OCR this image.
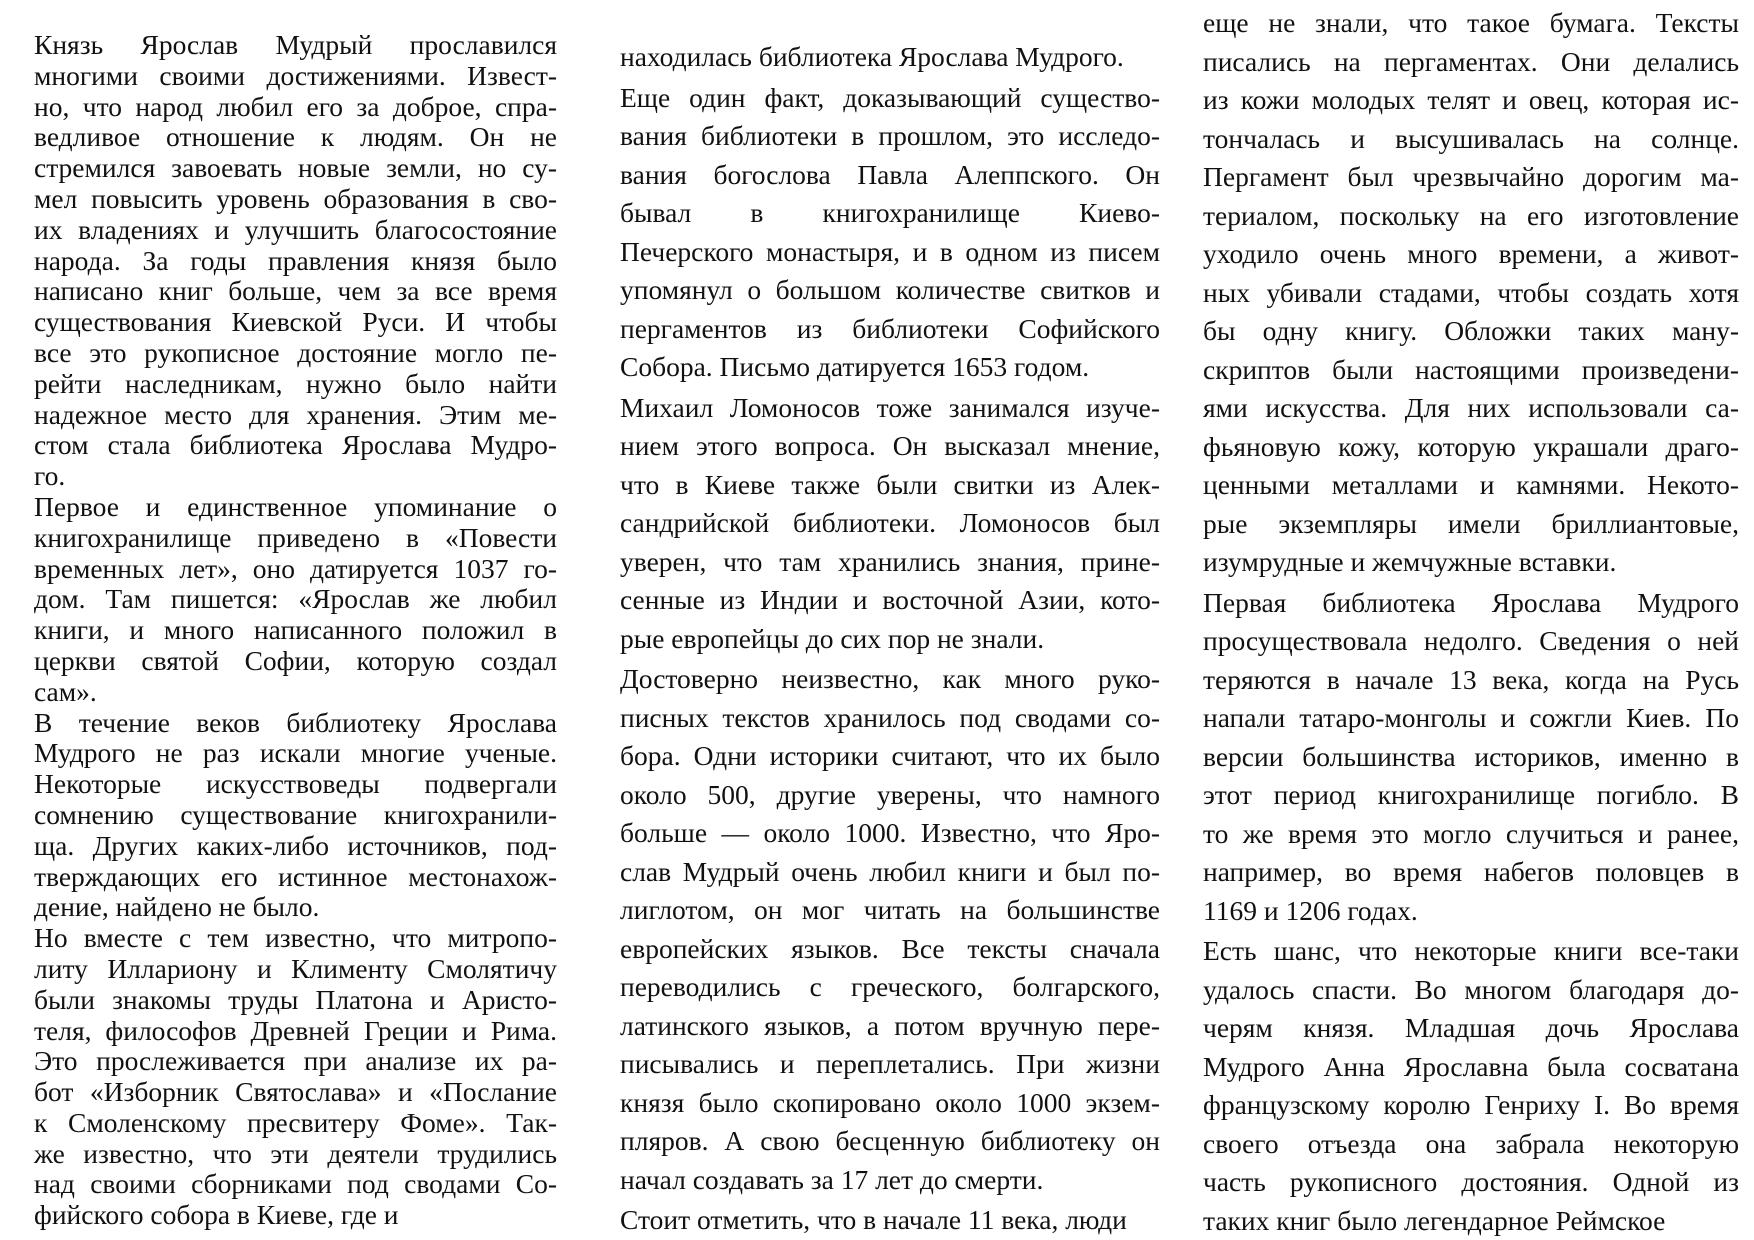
Князь Ярослав Мудрый прославился
многими своими достижениями. Извест-
но, что народ любил его за доброе, спра-
ведливое отношение к людям. Он не
стремился завоевать новые земли, но су-
мел повысить уровень образования в сво-
их владениях и улучшить благосостояние
народа. За годы правления князя было
написано книг больше, чем за все время
существования Киевской Руси. И чтобы
все это рукописное достояние могло пе-
рейти наследникам, нужно было найти
надежное место для хранения. Этим ме-
стом стала библиотека Ярослава Мудро-
го.

Первое и единственное упоминание о
книгохранилище приведено в «Повести
временных лет», оно датируется 1037 го-
дом. Там пишется: «Ярослав же любил
книги, и много написанного положил в
церкви святой Софии, которую создал
сам».

В течение веков библиотеку Ярослава
Мудрого не раз искали многие ученые.
Некоторые искусствоведы подвергали
сомнению существование книгохранили-
ща. Других каких-либо источников, под-
тверждающих его истинное местонахож-
дение, найдено не было.

Но вместе с тем известно, что митропо-
литу Иллариону и Клименту Смолятичу
были знакомы труды Платона и Аристо-
теля, философов Древней Греции и Рима.
Это прослеживается при анализе их ра-
бот «Изборник Святослава» и «Послание
к Смоленскому пресвитеру Фоме». Так-
же известно, что эти деятели трудились
над своими сборниками под сводами Со-
фийского собора в Киеве, где и

находилась библиотека Ярослава Мудрого.

Еще один факт, доказывающий существо-
вания библиотеки в прошлом, это исследо-
вания богослова Павла Алеппского. Он
бывал в книгохранилище Киево-
Печерского монастыря, и в одном из писем
упомянул о большом количестве свитков и
пергаментов из библиотеки Софийского
Собора. Письмо датируется 1653 годом.

Михаил Ломоносов тоже занимался изуче-
нием этого вопроса. Он высказал мнение,
что в Киеве также были свитки из Алек-
сандрийской библиотеки. Ломоносов был
уверен, что там хранились знания, прине-
сенные из Индии и восточной Азии, кото-
рые европейцы до сих пор не знали.

Достоверно неизвестно, как много руко-
писных текстов хранилось под сводами со-
бора. Одни историки считают, что их было
около 500, другие уверены, что намного
больше — около 1000. Известно, что Яро-
слав Мудрый очень любил книги и был по-
лиглотом, он мог читать на большинстве
европейских языков. Все тексты сначала
переводились с греческого, болгарского,
латинского языков, а потом вручную пере-
писывались и переплетались. При жизни
князя было скопировано около 1000 экзем-
пляров. А свою бесценную библиотеку он
начал создавать за 17 лет до смерти.

Стоит отметить, что в начале 11 века, люди

еще не знали, что такое бумага. Тексты
писались на пергаментах. Они делались
из кожи молодых телят и овец, которая ис-
тончалась и высушивалась на солнце.
Пергамент был чрезвычайно дорогим ма-
териалом, поскольку на его изготовление
уходило очень много времени, а живот-
ных убивали стадами, чтобы создать хотя
бы одну книгу. Обложки таких ману-
скриптов были настоящими произведени-
ями искусства. Для них использовали са-
фьяновую кожу, которую украшали драго-
ценными металлами и камнями. Некото-
рые экземпляры имели бриллиантовые,
изумрудные и жемчужные вставки.

Первая библиотека Ярослава Мудрого
просуществовала недолго. Сведения о ней
теряются в начале 13 века, когда на Русь
напали татаро-монголы и сожгли Киев. По
версии большинства историков, именно в
этот период книгохранилище погибло. В
то же время это могло случиться и ранее,
например, во время набегов половцев в
1169 и 1206 годах.

Есть шанс, что некоторые книги все-таки
удалось спасти. Во многом благодаря до-
черям князя. Младшая дочь Ярослава
Мудрого Анна Ярославна была сосватана
французскому королю Генриху I. Во время
своего отъезда она забрала некоторую
часть рукописного достояния. Одной из
таких книг было легендарное Реймское
